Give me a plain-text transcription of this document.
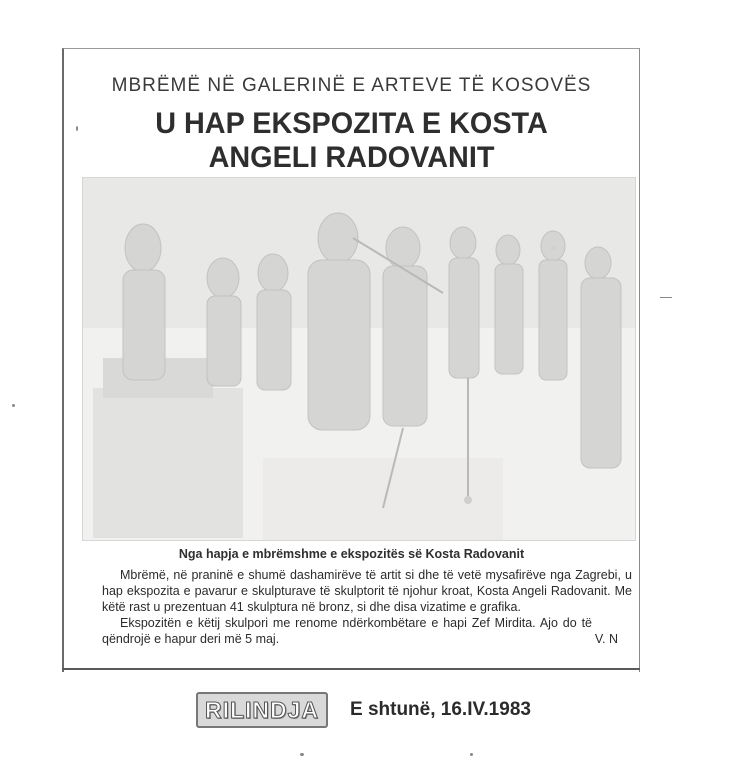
MBRËMË NË GALERINË E ARTEVE TË KOSOVËS
U HAP EKSPOZITA E KOSTA
ANGELI RADOVANIT
Nga hapja e mbrëmshme e ekspozitës së Kosta Radovanit

Mbrëmë, në praninë e shumë dashamirëve të artit si dhe të vetë mysafirëve nga Zagrebi, u hap ekspozita e pavarur e skulpturave të skulptorit të njohur kroat, Kosta Angeli Radovanit. Me këtë rast u prezentuan 41 skulptura në bronz, si dhe disa vizatime e grafika.

Ekspozitën e këtij skulpori me renome ndërkombëtare e hapi Zef Mirdita. Ajo do të qëndrojë e hapur deri më 5 maj.	V. N
RILINDJA	E shtunë, 16.IV.1983
